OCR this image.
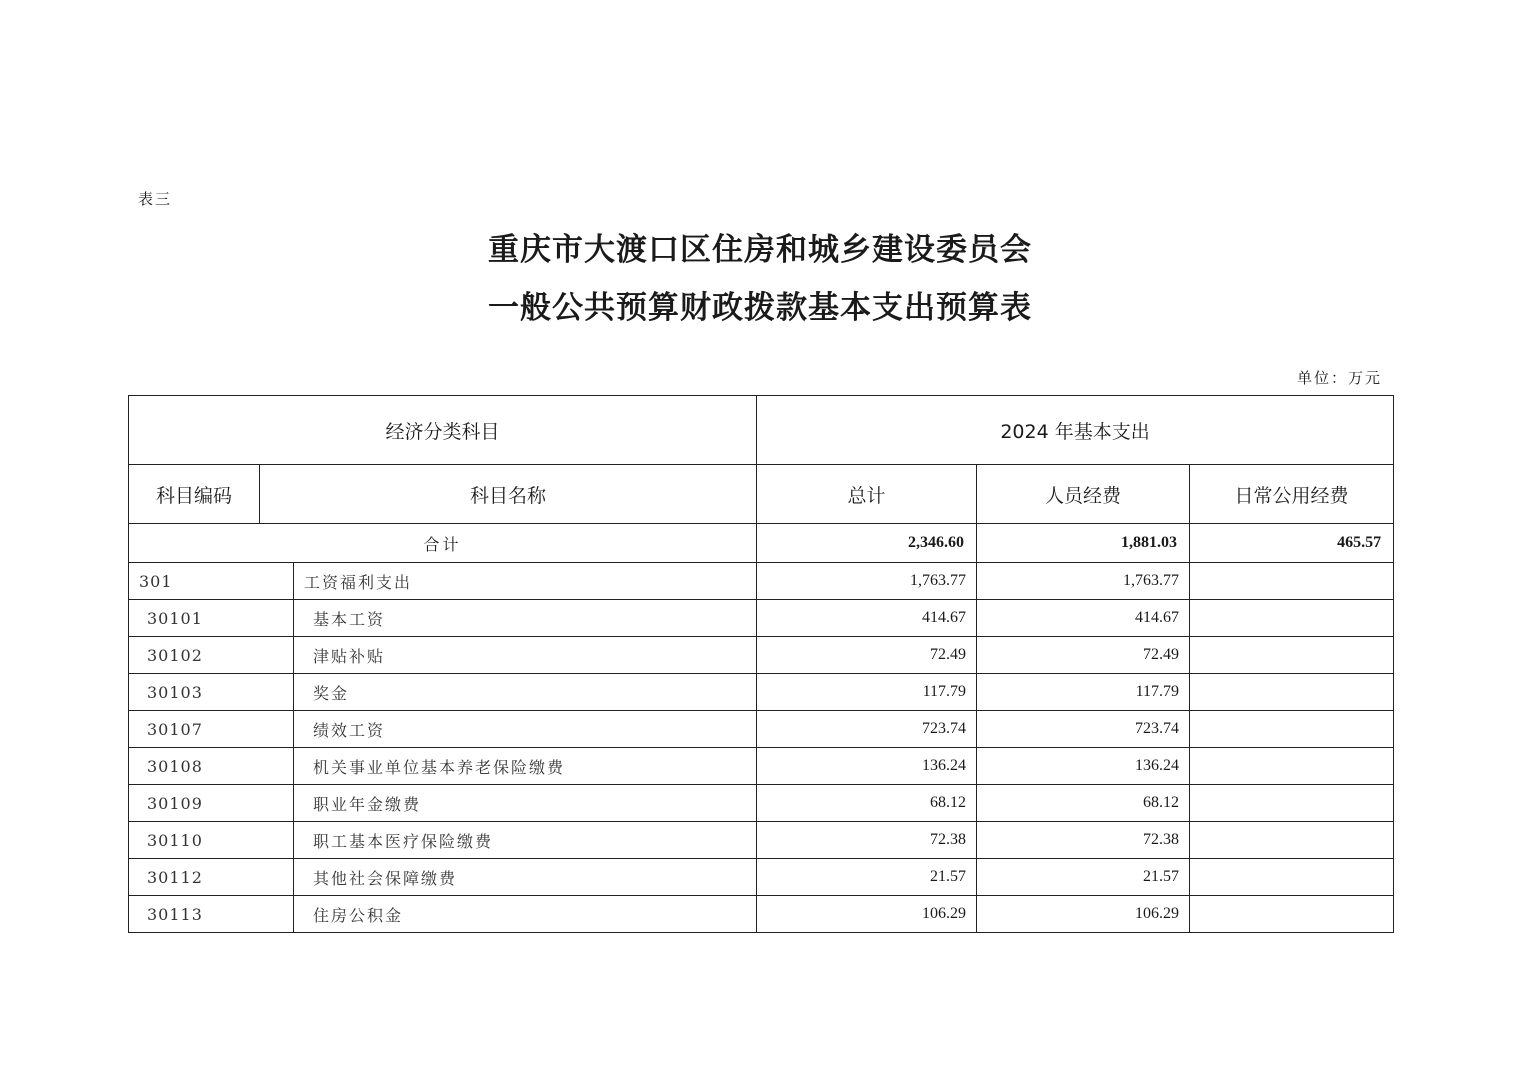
表三
重庆市大渡口区住房和城乡建设委员会
一般公共预算财政拨款基本支出预算表
单位：万元
经济分类科目			2024 年基本支出		
科目编码	科目名称		总计	人员经费	日常公用经费
合计			2,346.60	1,881.03	465.57
301		工资福利支出	1,763.77	1,763.77	
30101		基本工资	414.67	414.67	
30102		津贴补贴	72.49	72.49	
30103		奖金	117.79	117.79	
30107		绩效工资	723.74	723.74	
30108		机关事业单位基本养老保险缴费	136.24	136.24	
30109		职业年金缴费	68.12	68.12	
30110		职工基本医疗保险缴费	72.38	72.38	
30112		其他社会保障缴费	21.57	21.57	
30113		住房公积金	106.29	106.29	
